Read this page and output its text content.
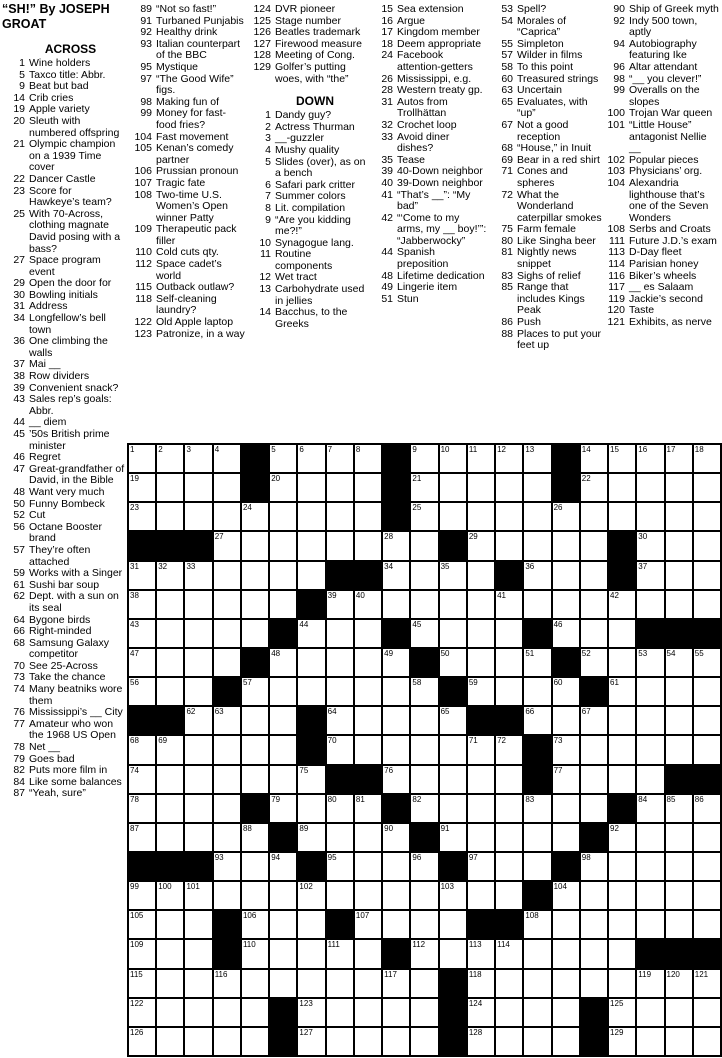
“SH!” By JOSEPH GROAT
ACROSS
1 Wine holders
5 Taxco title: Abbr.
9 Beat but bad
14 Crib cries
19 Apple variety
20 Sleuth with numbered offspring
21 Olympic champion on a 1939 Time cover
22 Dancer Castle
23 Score for Hawkeye’s team?
25 With 70-Across, clothing magnate David posing with a bass?
27 Space program event
29 Open the door for
30 Bowling initials
31 Address
34 Longfellow’s bell town
36 One climbing the walls
37 Mai __
38 Row dividers
39 Convenient snack?
43 Sales rep’s goals: Abbr.
44 __ diem
45 ’50s British prime minister
46 Regret
47 Great-grandfather of David, in the Bible
48 Want very much
50 Funny Bombeck
52 Cut
56 Octane Booster brand
57 They’re often attached
59 Works with a Singer
61 Sushi bar soup
62 Dept. with a sun on its seal
64 Bygone birds
66 Right-minded
68 Samsung Galaxy competitor
70 See 25-Across
73 Take the chance
74 Many beatniks wore them
76 Mississippi’s __ City
77 Amateur who won the 1968 US Open
78 Net __
79 Goes bad
82 Puts more film in
84 Like some balances
87 “Yeah, sure”
89 “Not so fast!”
91 Turbaned Punjabis
92 Healthy drink
93 Italian counterpart of the BBC
95 Mystique
97 “The Good Wife” figs.
98 Making fun of
99 Money for fast-food fries?
104 Fast movement
105 Kenan’s comedy partner
106 Prussian pronoun
107 Tragic fate
108 Two-time U.S. Women’s Open winner Patty
109 Therapeutic pack filler
110 Cold cuts qty.
112 Space cadet’s world
115 Outback outlaw?
118 Self-cleaning laundry?
122 Old Apple laptop
123 Patronize, in a way
124 DVR pioneer
125 Stage number
126 Beatles trademark
127 Firewood measure
128 Meeting of Cong.
129 Golfer’s putting woes, with “the”
DOWN
1 Dandy guy?
2 Actress Thurman
3 __-guzzler
4 Mushy quality
5 Slides (over), as on a bench
6 Safari park critter
7 Summer colors
8 Lit. compilation
9 “Are you kidding me?!”
10 Synagogue lang.
11 Routine components
12 Wet tract
13 Carbohydrate used in jellies
14 Bacchus, to the Greeks
15 Sea extension
16 Argue
17 Kingdom member
18 Deem appropriate
24 Facebook attention-getters
26 Mississippi, e.g.
28 Western treaty gp.
31 Autos from Trollhättan
32 Crochet loop
33 Avoid diner dishes?
35 Tease
39 40-Down neighbor
40 39-Down neighbor
41 “That’s __”: “My bad”
42 “‘Come to my arms, my __ boy!’”: “Jabberwocky”
44 Spanish preposition
48 Lifetime dedication
49 Lingerie item
51 Stun
53 Spell?
54 Morales of “Caprica”
55 Simpleton
57 Wilder in films
58 To this point
60 Treasured strings
63 Uncertain
65 Evaluates, with “up”
67 Not a good reception
68 “House,” in Inuit
69 Bear in a red shirt
71 Cones and spheres
72 What the Wonderland caterpillar smokes
75 Farm female
80 Like Singha beer
81 Nightly news snippet
83 Sighs of relief
85 Range that includes Kings Peak
86 Push
88 Places to put your feet up
90 Ship of Greek myth
92 Indy 500 town, aptly
94 Autobiography featuring Ike
96 Altar attendant
98 “__ you clever!”
99 Overalls on the slopes
100 Trojan War queen
101 “Little House” antagonist Nellie __
102 Popular pieces
103 Physicians’ org.
104 Alexandria lighthouse that’s one of the Seven Wonders
108 Serbs and Croats
111 Future J.D.’s exam
113 D-Day fleet
114 Parisian honey
116 Biker’s wheels
117 __ es Salaam
119 Jackie’s second
120 Taste
121 Exhibits, as nerve
1	2	3	4	5	6	7	8	9	10 11 12 13	14 15 16 17 18
19	20	21	22
23	24	25	26
27	28	29	30
31 32 33	34	35	36	37
38	39 40	41	42
43	44	45	46
47	48	49	50	51	52	53 54 55
56	57	58	59	60	61
62 63	64	65	66	67
68 69	70	71 72	73
74	75	76	77
78	79	80 81	82	83	84 85 86
87	88	89	90	91	92
93	94	95	96	97	98
99 100 101	102	103	104
105	106	107	108
109	110	111	112	113 114
115	116	117	118	119 120 121
122	123	124	125
126	127	128	129
